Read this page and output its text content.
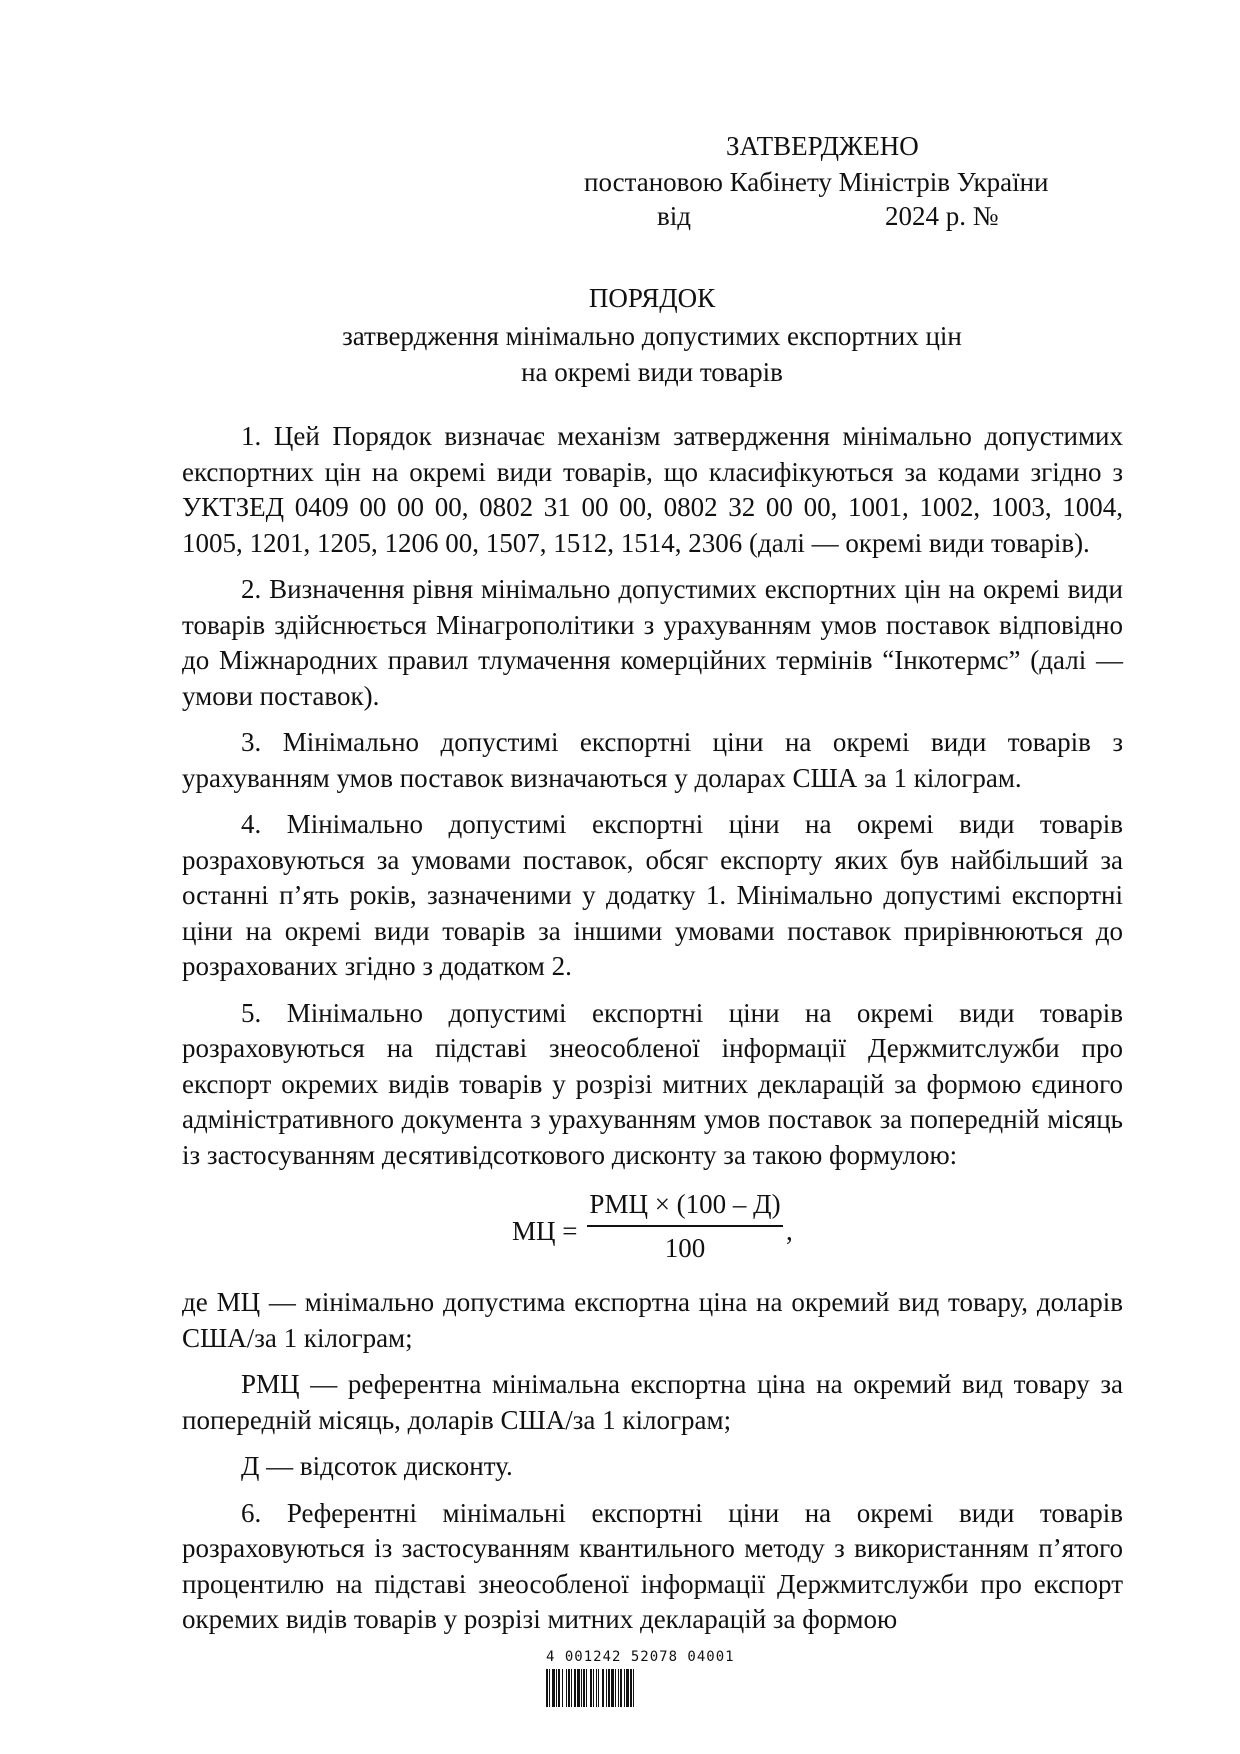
ЗАТВЕРДЖЕНО
постановою Кабінету Міністрів України
від	2024 р. №
ПОРЯДОК
затвердження мінімально допустимих експортних цін
на окремі види товарів

1. Цей Порядок визначає механізм затвердження мінімально допустимих експортних цін на окремі види товарів, що класифікуються за кодами згідно з УКТЗЕД 0409 00 00 00, 0802 31 00 00, 0802 32 00 00, 1001, 1002, 1003, 1004, 1005, 1201, 1205, 1206 00, 1507, 1512, 1514, 2306 (далі — окремі види товарів).

2. Визначення рівня мінімально допустимих експортних цін на окремі види товарів здійснюється Мінагрополітики з урахуванням умов поставок відповідно до Міжнародних правил тлумачення комерційних термінів “Інкотермс” (далі — умови поставок).

3. Мінімально допустимі експортні ціни на окремі види товарів з урахуванням умов поставок визначаються у доларах США за 1 кілограм.

4. Мінімально допустимі експортні ціни на окремі види товарів розраховуються за умовами поставок, обсяг експорту яких був найбільший за останні п’ять років, зазначеними у додатку 1. Мінімально допустимі експортні ціни на окремі види товарів за іншими умовами поставок прирівнюються до розрахованих згідно з додатком 2.

5. Мінімально допустимі експортні ціни на окремі види товарів розраховуються на підставі знеособленої інформації Держмитслужби про експорт окремих видів товарів у розрізі митних декларацій за формою єдиного адміністративного документа з урахуванням умов поставок за попередній місяць із застосуванням десятивідсоткового дисконту за такою формулою:

МЦ =
РМЦ × (100 – Д)
100
,

де МЦ — мінімально допустима експортна ціна на окремий вид товару, доларів США/за 1 кілограм;

РМЦ — референтна мінімальна експортна ціна на окремий вид товару за попередній місяць, доларів США/за 1 кілограм;

Д — відсоток дисконту.

6. Референтні мінімальні експортні ціни на окремі види товарів розраховуються із застосуванням квантильного методу з використанням п’ятого процентилю на підставі знеособленої інформації Держмитслужби про експорт окремих видів товарів у розрізі митних декларацій за формою

4 001242 52078 04001
